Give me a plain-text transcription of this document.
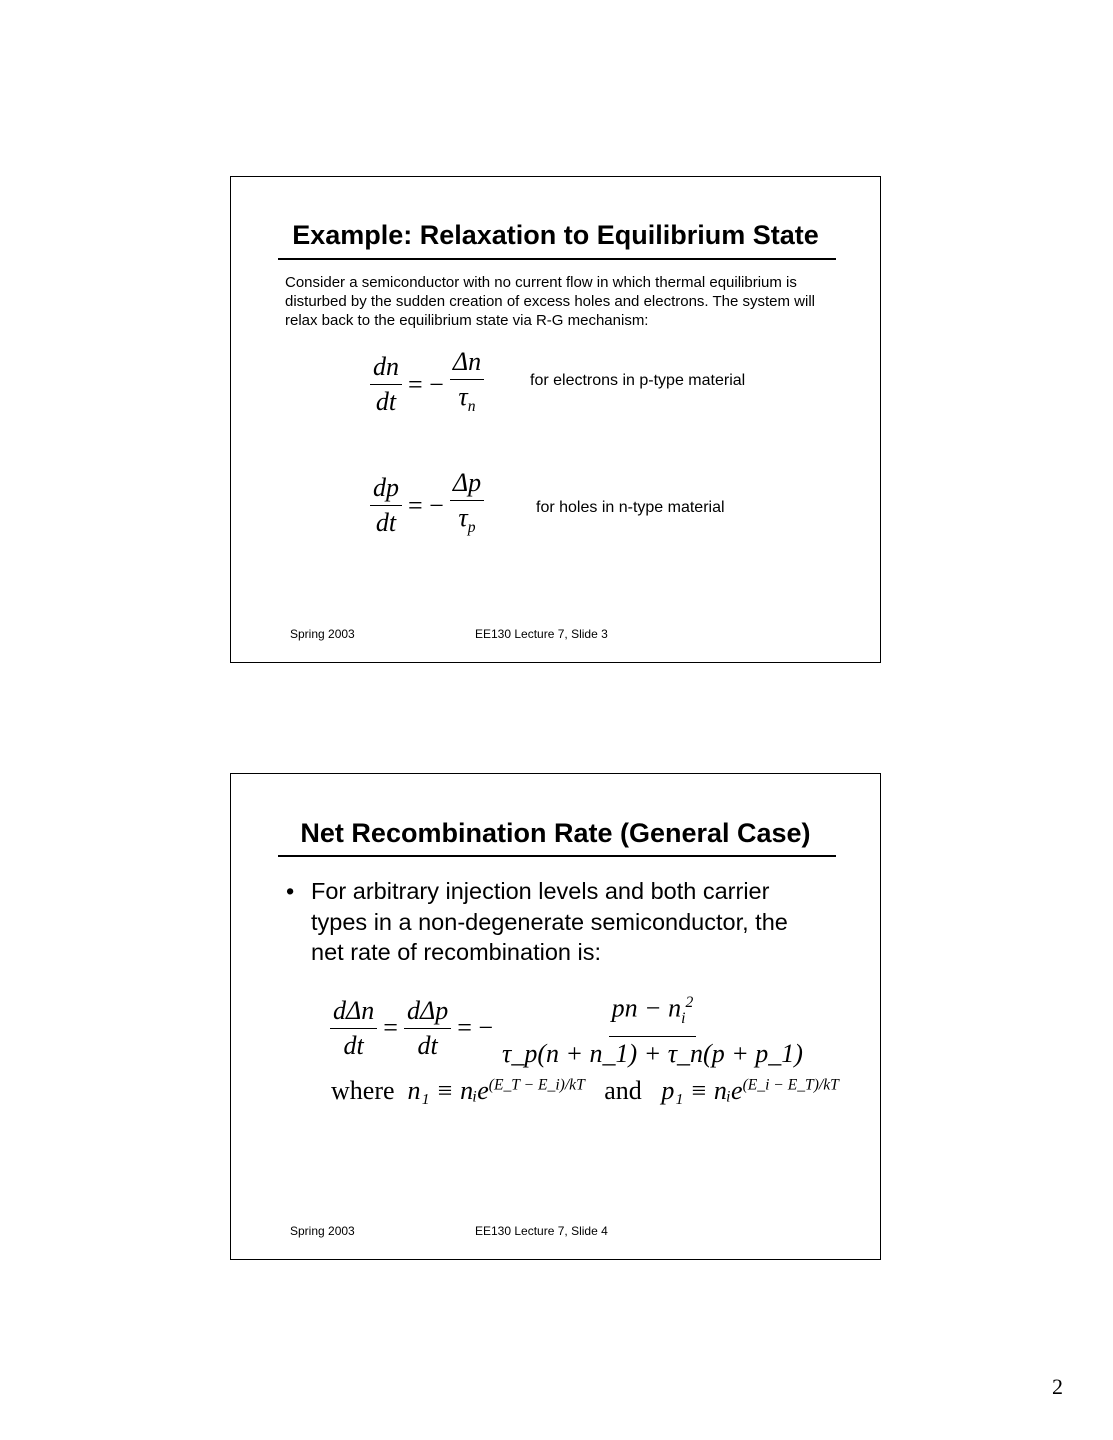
Example: Relaxation to Equilibrium State
Consider a semiconductor with no current flow in which thermal equilibrium is disturbed by the sudden creation of excess holes and electrons. The system will relax back to the equilibrium state via R-G mechanism:
$\frac{dn}{dt}$ = − $\frac{\Delta n}{\tau_n}$	for electrons in p-type material
$\frac{dp}{dt}$ = − $\frac{\Delta p}{\tau_p}$	for holes in n-type material
Spring 2003	EE130 Lecture 7, Slide 3
Net Recombination Rate (General Case)
• For arbitrary injection levels and both carrier types in a non-degenerate semiconductor, the net rate of recombination is:
$\frac{\text{dΔn}}{dt} = \frac{\text{dΔp}}{dt}$ = − $\frac{pn - n_i^2}{\tau\_p(n + n\_1) + \tau\_n(p + p\_1)}$
where n₁ ≡ nᵢe$^{(E\_T - E\_i)/kT}$ and p₁ ≡ nᵢe$^{(E\_i - E\_T)/kT}$
Spring 2003	EE130 Lecture 7, Slide 4
2
